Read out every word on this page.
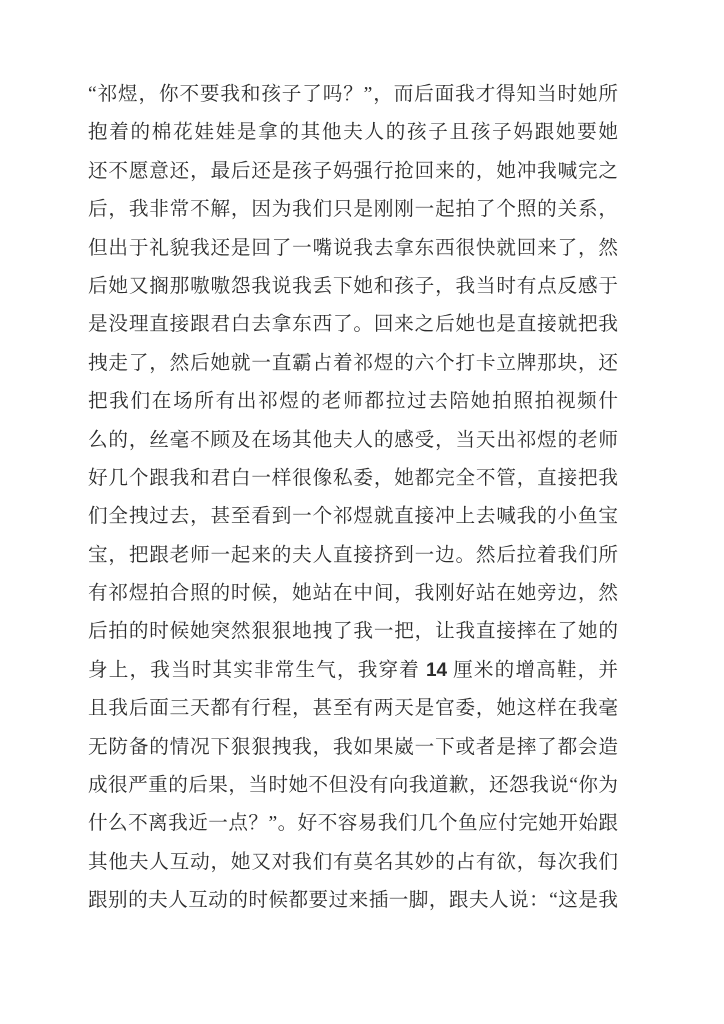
“祁煜，你不要我和孩子了吗？”，而后面我才得知当时她所
抱着的棉花娃娃是拿的其他夫人的孩子且孩子妈跟她要她
还不愿意还，最后还是孩子妈强行抢回来的，她冲我喊完之
后，我非常不解，因为我们只是刚刚一起拍了个照的关系，
但出于礼貌我还是回了一嘴说我去拿东西很快就回来了，然
后她又搁那嗷嗷怨我说我丢下她和孩子，我当时有点反感于
是没理直接跟君白去拿东西了。回来之后她也是直接就把我
拽走了，然后她就一直霸占着祁煜的六个打卡立牌那块，还
把我们在场所有出祁煜的老师都拉过去陪她拍照拍视频什
么的，丝毫不顾及在场其他夫人的感受，当天出祁煜的老师
好几个跟我和君白一样很像私委，她都完全不管，直接把我
们全拽过去，甚至看到一个祁煜就直接冲上去喊我的小鱼宝
宝，把跟老师一起来的夫人直接挤到一边。然后拉着我们所
有祁煜拍合照的时候，她站在中间，我刚好站在她旁边，然
后拍的时候她突然狠狠地拽了我一把，让我直接摔在了她的
身上，我当时其实非常生气，我穿着 14 厘米的增高鞋，并
且我后面三天都有行程，甚至有两天是官委，她这样在我毫
无防备的情况下狠狠拽我，我如果崴一下或者是摔了都会造
成很严重的后果，当时她不但没有向我道歉，还怨我说“你为
什么不离我近一点？”。好不容易我们几个鱼应付完她开始跟
其他夫人互动，她又对我们有莫名其妙的占有欲，每次我们
跟别的夫人互动的时候都要过来插一脚，跟夫人说：“这是我
